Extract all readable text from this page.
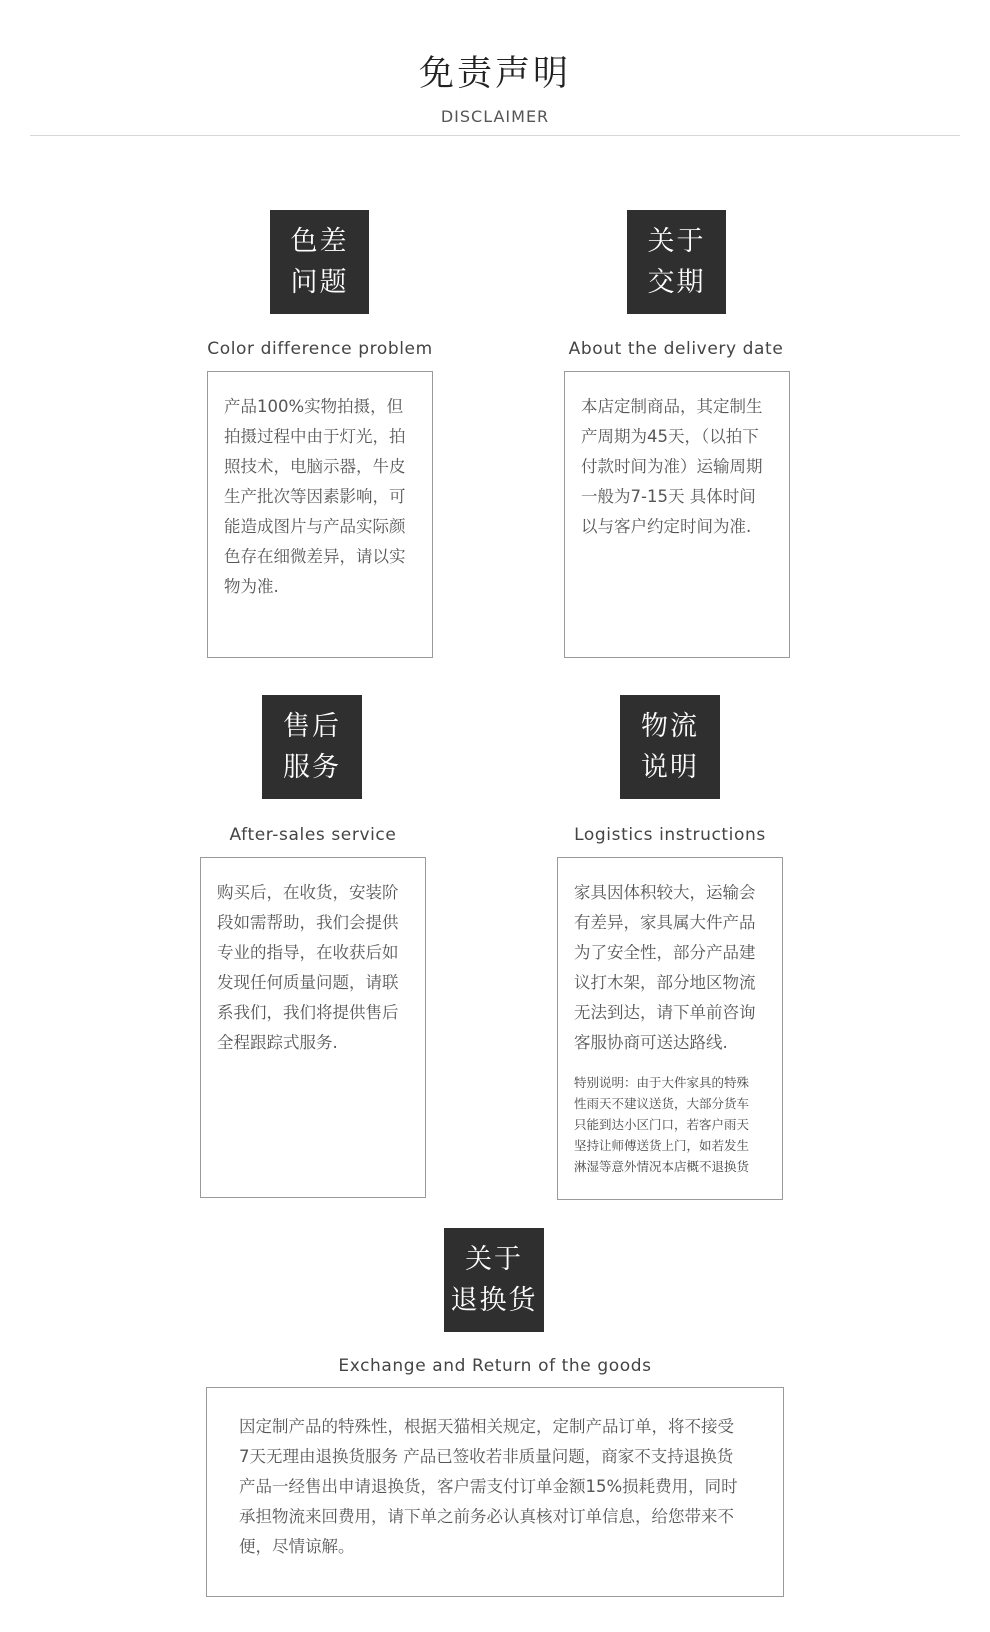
免责声明
DISCLAIMER
色差
问题
Color difference problem
产品100%实物拍摄，但
拍摄过程中由于灯光，拍
照技术，电脑示器，牛皮
生产批次等因素影响，可
能造成图片与产品实际颜
色存在细微差异，请以实
物为准.
关于
交期
About the delivery date
本店定制商品，其定制生
产周期为45天，（以拍下
付款时间为准）运输周期
一般为7-15天 具体时间
以与客户约定时间为准.
售后
服务
After-sales service
购买后，在收货，安装阶
段如需帮助，我们会提供
专业的指导，在收获后如
发现任何质量问题，请联
系我们，我们将提供售后
全程跟踪式服务.
物流
说明
Logistics instructions
家具因体积较大，运输会
有差异，家具属大件产品
为了安全性，部分产品建
议打木架，部分地区物流
无法到达，请下单前咨询
客服协商可送达路线.
特别说明：由于大件家具的特殊
性雨天不建议送货，大部分货车
只能到达小区门口，若客户雨天
坚持让师傅送货上门，如若发生
淋湿等意外情况本店概不退换货
关于
退换货
Exchange and Return of the goods
因定制产品的特殊性，根据天猫相关规定，定制产品订单，将不接受
7天无理由退换货服务 产品已签收若非质量问题，商家不支持退换货
产品一经售出申请退换货，客户需支付订单金额15%损耗费用，同时
承担物流来回费用，请下单之前务必认真核对订单信息，给您带来不
便，尽情谅解。
